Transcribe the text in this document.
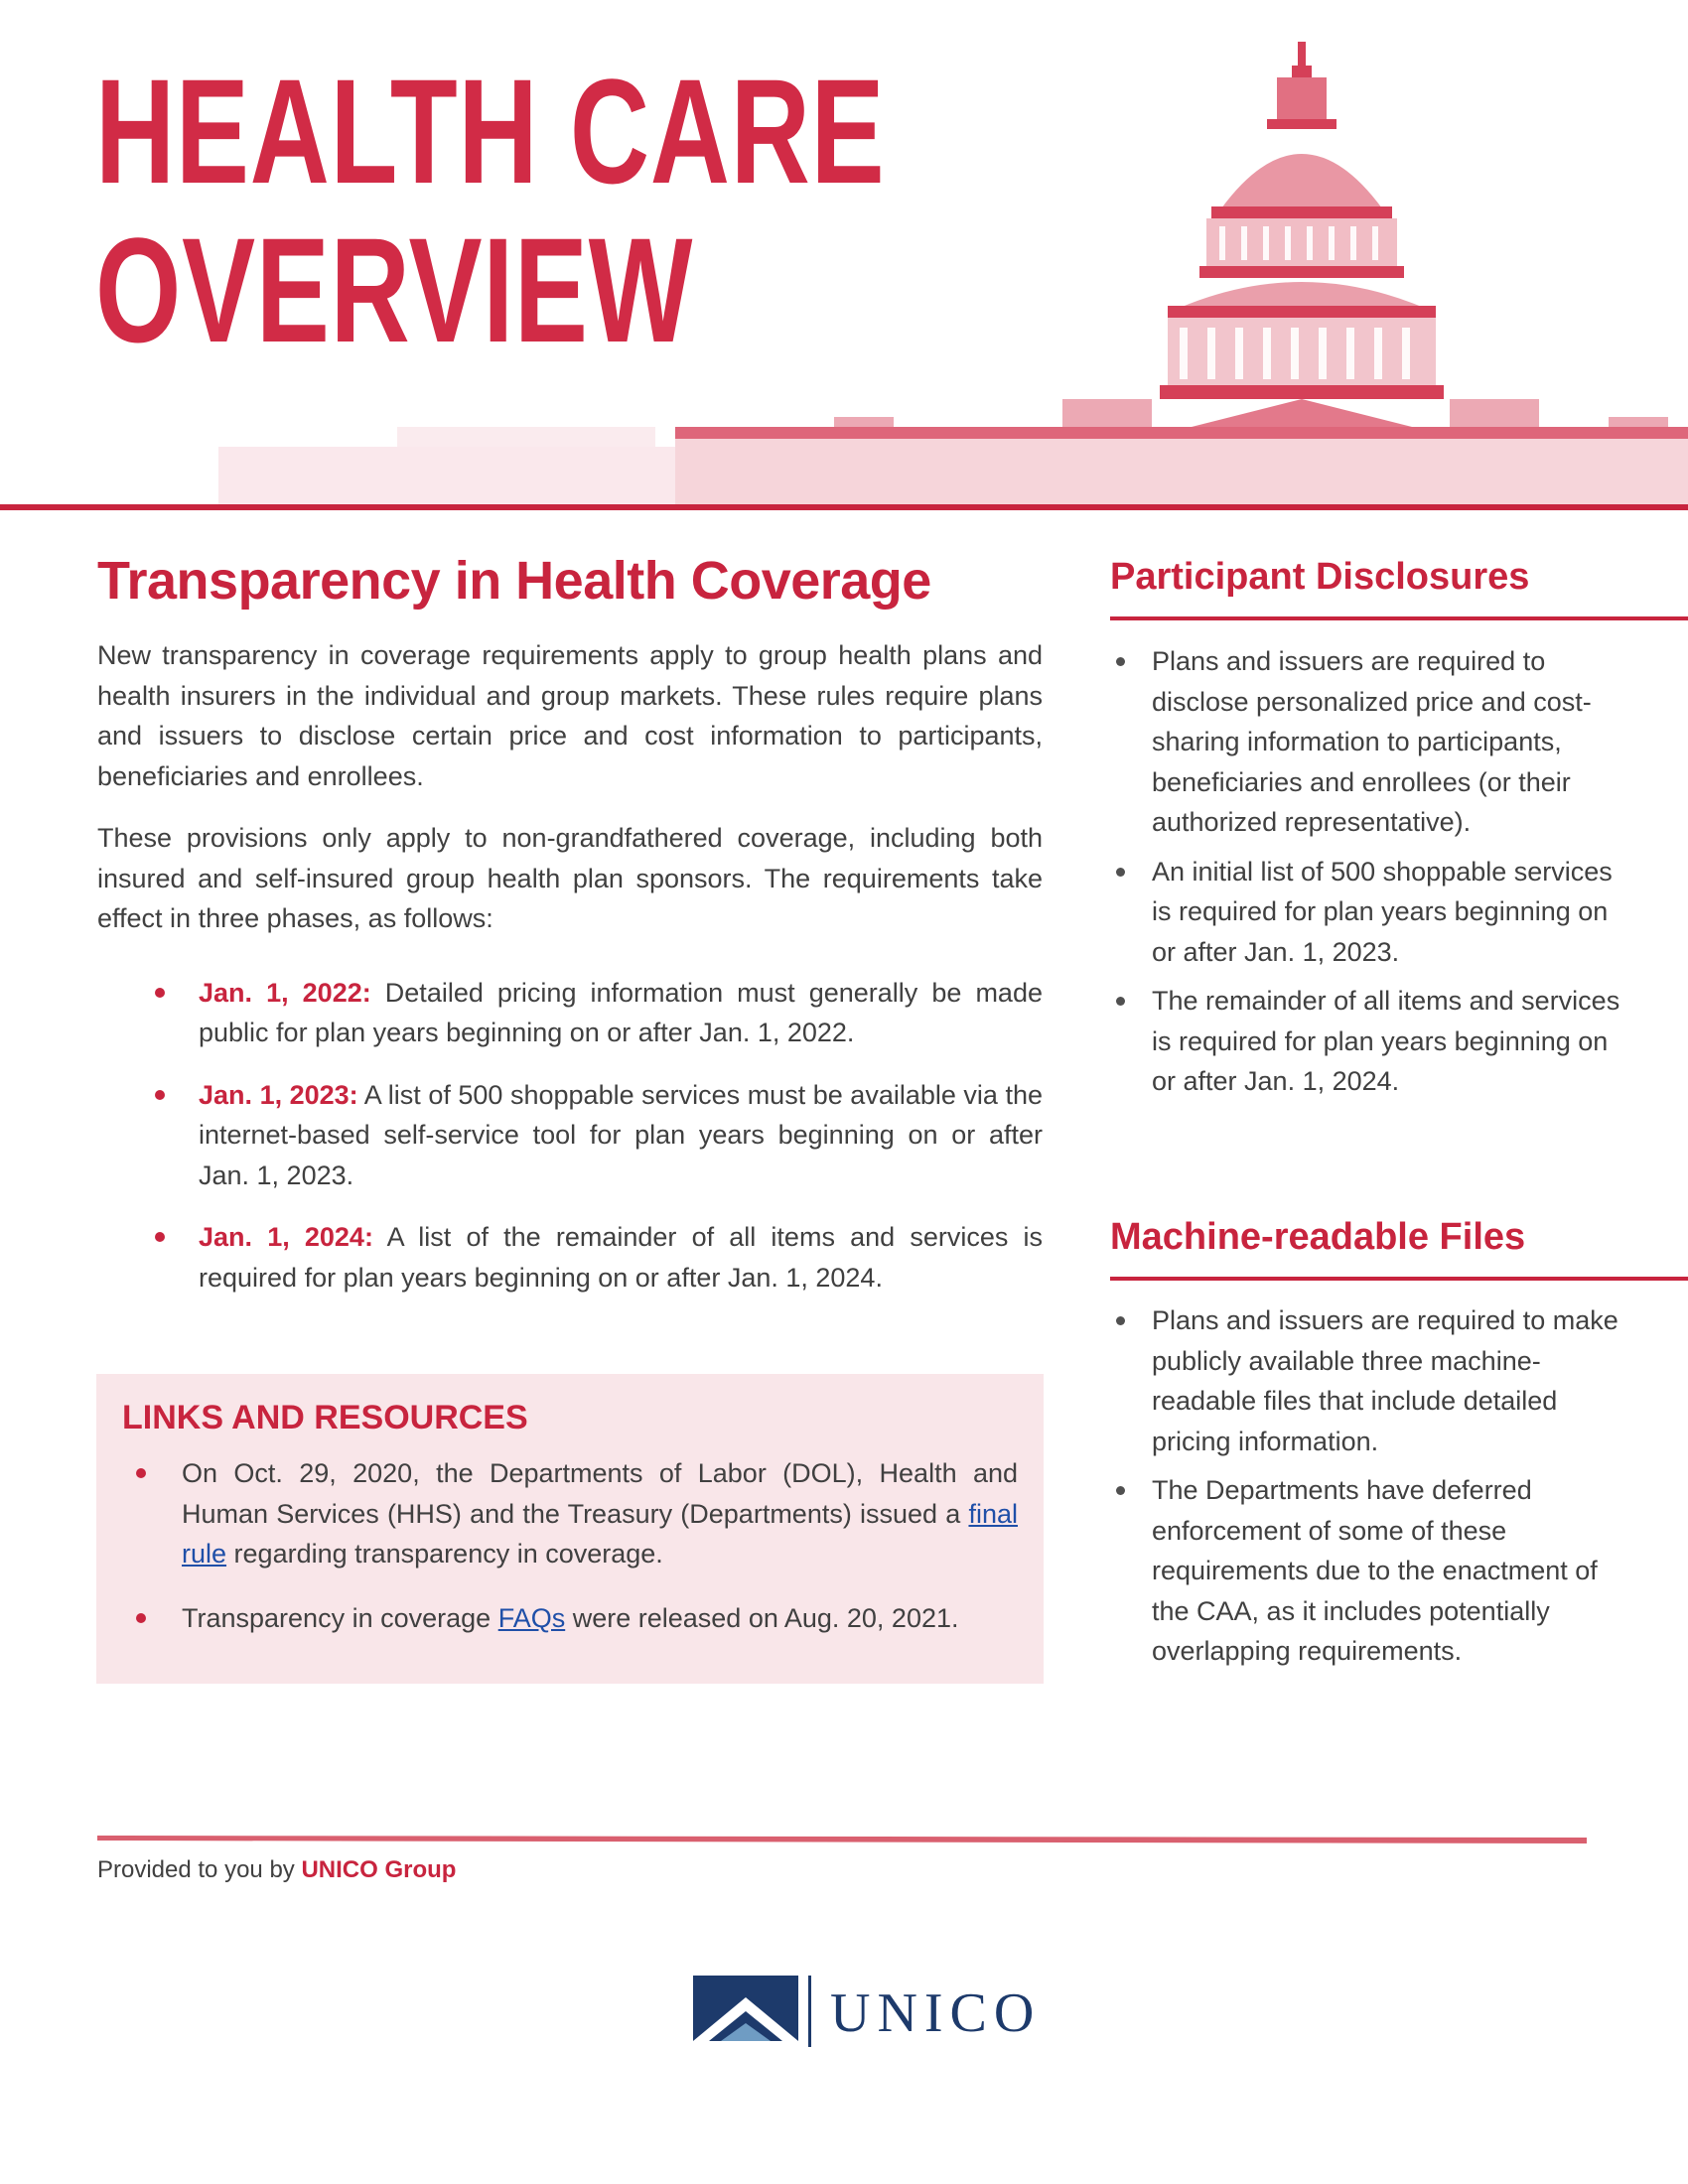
HEALTH CARE
OVERVIEW
Transparency in Health Coverage

New transparency in coverage requirements apply to group health plans and health insurers in the individual and group markets. These rules require plans and issuers to disclose certain price and cost information to participants, beneficiaries and enrollees.

These provisions only apply to non-grandfathered coverage, including both insured and self-insured group health plan sponsors. The requirements take effect in three phases, as follows:

Jan. 1, 2022: Detailed pricing information must generally be made public for plan years beginning on or after Jan. 1, 2022.
Jan. 1, 2023: A list of 500 shoppable services must be available via the internet-based self-service tool for plan years beginning on or after Jan. 1, 2023.
Jan. 1, 2024: A list of the remainder of all items and services is required for plan years beginning on or after Jan. 1, 2024.
LINKS AND RESOURCES
On Oct. 29, 2020, the Departments of Labor (DOL), Health and Human Services (HHS) and the Treasury (Departments) issued a final rule regarding transparency in coverage.
Transparency in coverage FAQs were released on Aug. 20, 2021.
Participant Disclosures
Plans and issuers are required to disclose personalized price and cost-sharing information to participants, beneficiaries and enrollees (or their authorized representative).
An initial list of 500 shoppable services is required for plan years beginning on or after Jan. 1, 2023.
The remainder of all items and services is required for plan years beginning on or after Jan. 1, 2024.
Machine-readable Files
Plans and issuers are required to make publicly available three machine-readable files that include detailed pricing information.
The Departments have deferred enforcement of some of these requirements due to the enactment of the CAA, as it includes potentially overlapping requirements.
Provided to you by UNICO Group
UNICO
